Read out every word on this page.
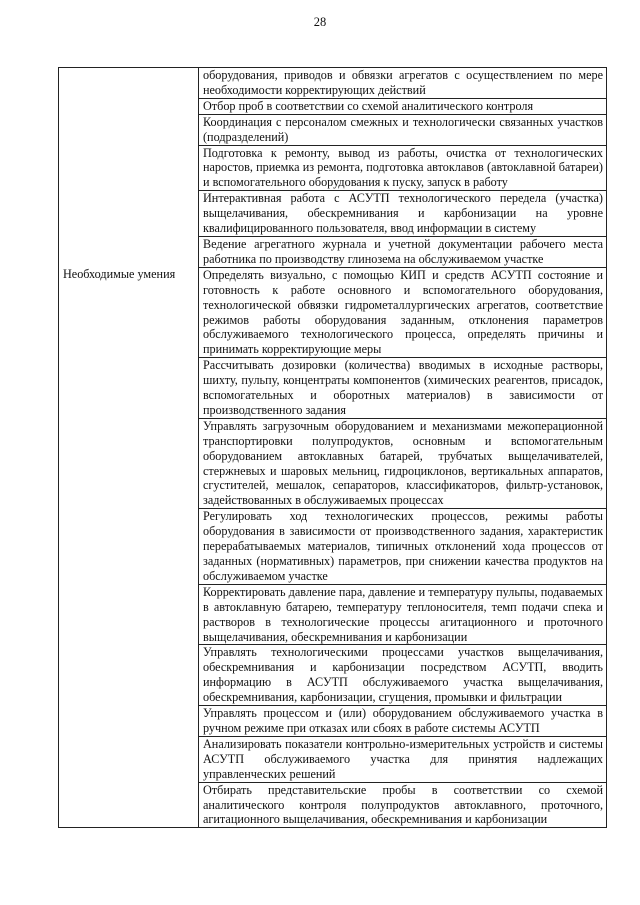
28

	оборудования, приводов и обвязки агрегатов с осуществлением по мере необходимости корректирующих действий

	Отбор проб в соответствии со схемой аналитического контроля

	Координация с персоналом смежных и технологически связанных участков (подразделений)

	Подготовка к ремонту, вывод из работы, очистка от технологических наростов, приемка из ремонта, подготовка автоклавов (автоклавной батареи) и вспомогательного оборудования к пуску, запуск в работу

	Интерактивная работа с АСУТП технологического передела (участка) выщелачивания, обескремнивания и карбонизации на уровне квалифицированного пользователя, ввод информации в систему

	Ведение агрегатного журнала и учетной документации рабочего места работника по производству глинозема на обслуживаемом участке

Необходимые умения	Определять визуально, с помощью КИП и средств АСУТП состояние и готовность к работе основного и вспомогательного оборудования, технологической обвязки гидрометаллургических агрегатов, соответствие режимов работы оборудования заданным, отклонения параметров обслуживаемого технологического процесса, определять причины и принимать корректирующие меры

	Рассчитывать дозировки (количества) вводимых в исходные растворы, шихту, пульпу, концентраты компонентов (химических реагентов, присадок, вспомогательных и оборотных материалов) в зависимости от производственного задания

	Управлять загрузочным оборудованием и механизмами межоперационной транспортировки полупродуктов, основным и вспомогательным оборудованием автоклавных батарей, трубчатых выщелачивателей, стержневых и шаровых мельниц, гидроциклонов, вертикальных аппаратов, сгустителей, мешалок, сепараторов, классификаторов, фильтр-установок, задействованных в обслуживаемых процессах

	Регулировать ход технологических процессов, режимы работы оборудования в зависимости от производственного задания, характеристик перерабатываемых материалов, типичных отклонений хода процессов от заданных (нормативных) параметров, при снижении качества продуктов на обслуживаемом участке

	Корректировать давление пара, давление и температуру пульпы, подаваемых в автоклавную батарею, температуру теплоносителя, темп подачи спека и растворов в технологические процессы агитационного и проточного выщелачивания, обескремнивания и карбонизации

	Управлять технологическими процессами участков выщелачивания, обескремнивания и карбонизации посредством АСУТП, вводить информацию в АСУТП обслуживаемого участка выщелачивания, обескремнивания, карбонизации, сгущения, промывки и фильтрации

	Управлять процессом и (или) оборудованием обслуживаемого участка в ручном режиме при отказах или сбоях в работе системы АСУТП

	Анализировать показатели контрольно-измерительных устройств и системы АСУТП обслуживаемого участка для принятия надлежащих управленческих решений

	Отбирать представительские пробы в соответствии со схемой аналитического контроля полупродуктов автоклавного, проточного, агитационного выщелачивания, обескремнивания и карбонизации
